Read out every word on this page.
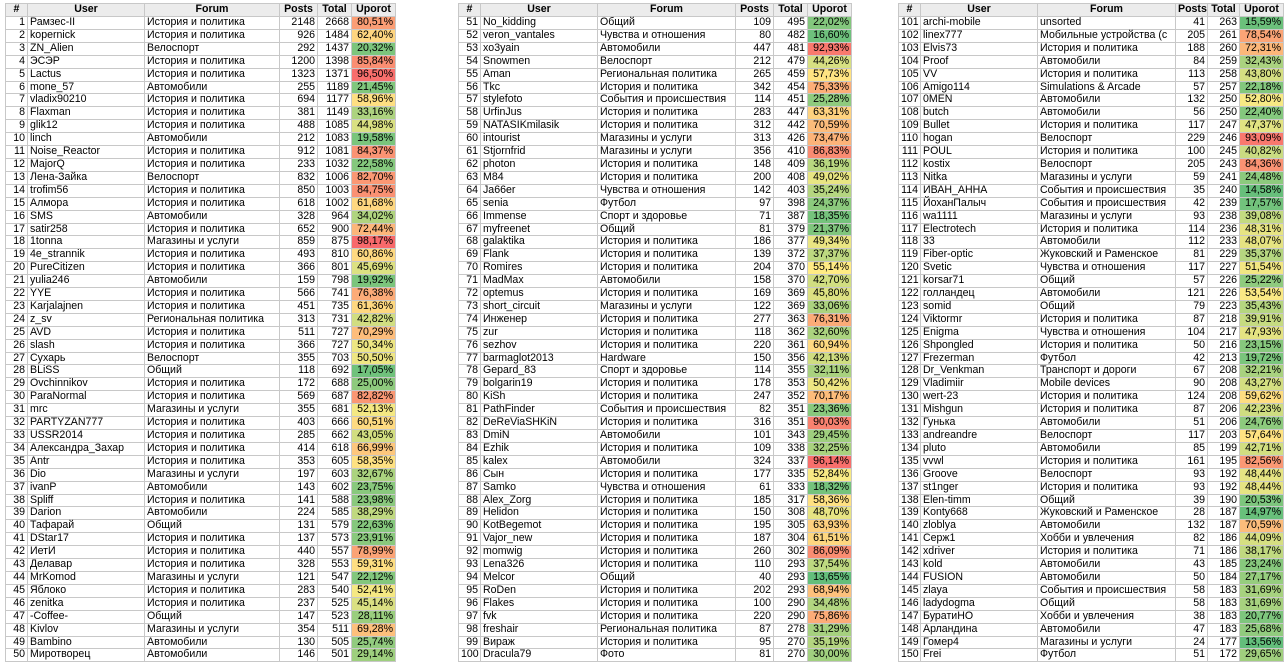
#	User	Forum	Posts	Total	Uporot
1	Рамзес-II	История и политика	2148	2668	80,51%
2	kopernick	История и политика	926	1484	62,40%
3	ZN_Alien	Велоспорт	292	1437	20,32%
4	ЭСЭР	История и политика	1200	1398	85,84%
5	Lactus	История и политика	1323	1371	96,50%
6	mone_57	Автомобили	255	1189	21,45%
7	vladix90210	История и политика	694	1177	58,96%
8	Flaxman	История и политика	381	1149	33,16%
9	glik12	История и политика	488	1085	44,98%
10	linch	Автомобили	212	1083	19,58%
11	Noise_Reactor	История и политика	912	1081	84,37%
12	MajorQ	История и политика	233	1032	22,58%
13	Лена-Зайка	Велоспорт	832	1006	82,70%
14	trofim56	История и политика	850	1003	84,75%
15	Алмора	История и политика	618	1002	61,68%
16	SMS	Автомобили	328	964	34,02%
17	satir258	История и политика	652	900	72,44%
18	1tonna	Магазины и услуги	859	875	98,17%
19	4e_strannik	История и политика	493	810	60,86%
20	PureCitizen	История и политика	366	801	45,69%
21	yulia246	Автомобили	159	798	19,92%
22	YYE	История и политика	566	741	76,38%
23	Karjalajnen	История и политика	451	735	61,36%
24	z_sv	Региональная политика	313	731	42,82%
25	AVD	История и политика	511	727	70,29%
26	slash	История и политика	366	727	50,34%
27	Сухарь	Велоспорт	355	703	50,50%
28	BLiSS	Общий	118	692	17,05%
29	Ovchinnikov	История и политика	172	688	25,00%
30	ParaNormal	История и политика	569	687	82,82%
31	mrc	Магазины и услуги	355	681	52,13%
32	PARTYZAN777	История и политика	403	666	60,51%
33	USSR2014	История и политика	285	662	43,05%
34	Александра_Захар	История и политика	414	618	66,99%
35	Antr	История и политика	353	605	58,35%
36	Dio	Магазины и услуги	197	603	32,67%
37	ivanP	Автомобили	143	602	23,75%
38	Spliff	История и политика	141	588	23,98%
39	Darion	Автомобили	224	585	38,29%
40	Тафарай	Общий	131	579	22,63%
41	DStar17	История и политика	137	573	23,91%
42	ИетИ	История и политика	440	557	78,99%
43	Делавар	История и политика	328	553	59,31%
44	MrKomod	Магазины и услуги	121	547	22,12%
45	Яблоко	История и политика	283	540	52,41%
46	zenitka	История и политика	237	525	45,14%
47	-Coffee-	Общий	147	523	28,11%
48	Kivlov	Магазины и услуги	354	511	69,28%
49	Bambino	Автомобили	130	505	25,74%
50	Миротворец	Автомобили	146	501	29,14%
#	User	Forum	Posts	Total	Uporot
51	No_kidding	Общий	109	495	22,02%
52	veron_vantales	Чувства и отношения	80	482	16,60%
53	xo3yain	Автомобили	447	481	92,93%
54	Snowmen	Велоспорт	212	479	44,26%
55	Aman	Региональная политика	265	459	57,73%
56	Tkc	История и политика	342	454	75,33%
57	stylefoto	События и происшествия	114	451	25,28%
58	UrfinJus	История и политика	283	447	63,31%
59	NATASIKmilasik	История и политика	312	442	70,59%
60	intourist	Магазины и услуги	313	426	73,47%
61	Stjornfrid	Магазины и услуги	356	410	86,83%
62	photon	История и политика	148	409	36,19%
63	M84	История и политика	200	408	49,02%
64	Ja66er	Чувства и отношения	142	403	35,24%
65	senia	Футбол	97	398	24,37%
66	Immense	Спорт и здоровье	71	387	18,35%
67	myfreenet	Общий	81	379	21,37%
68	galaktika	История и политика	186	377	49,34%
69	Flank	История и политика	139	372	37,37%
70	Romires	История и политика	204	370	55,14%
71	MadMax	Автомобили	158	370	42,70%
72	optemus	История и политика	169	369	45,80%
73	short_circuit	Магазины и услуги	122	369	33,06%
74	Инженер	История и политика	277	363	76,31%
75	zur	История и политика	118	362	32,60%
76	sezhov	История и политика	220	361	60,94%
77	barmaglot2013	Hardware	150	356	42,13%
78	Gepard_83	Спорт и здоровье	114	355	32,11%
79	bolgarin19	История и политика	178	353	50,42%
80	KiSh	История и политика	247	352	70,17%
81	PathFinder	События и происшествия	82	351	23,36%
82	DeReViaSHKiN	История и политика	316	351	90,03%
83	DmiN	Автомобили	101	343	29,45%
84	Ezhik	История и политика	109	338	32,25%
85	kalex	Автомобили	324	337	96,14%
86	Сын	История и политика	177	335	52,84%
87	Samko	Чувства и отношения	61	333	18,32%
88	Alex_Zorg	История и политика	185	317	58,36%
89	Helidon	История и политика	150	308	48,70%
90	KotBegemot	История и политика	195	305	63,93%
91	Vajor_new	История и политика	187	304	61,51%
92	momwig	История и политика	260	302	86,09%
93	Lena326	История и политика	110	293	37,54%
94	Melcor	Общий	40	293	13,65%
95	RoDen	История и политика	202	293	68,94%
96	Flakes	История и политика	100	290	34,48%
97	fvk	История и политика	220	290	75,86%
98	freshair	Региональная политика	87	278	31,29%
99	Вираж	История и политика	95	270	35,19%
100	Dracula79	Фото	81	270	30,00%
#	User	Forum	Posts	Total	Uporot
101	archi-mobile	unsorted	41	263	15,59%
102	linex777	Мобильные устройства (с	205	261	78,54%
103	Elvis73	История и политика	188	260	72,31%
104	Proof	Автомобили	84	259	32,43%
105	VV	История и политика	113	258	43,80%
106	Amigo114	Simulations & Arcade	57	257	22,18%
107	0MEN	Автомобили	132	250	52,80%
108	butch	Автомобили	56	250	22,40%
109	Bullet	История и политика	117	247	47,37%
110	hogan	Велоспорт	229	246	93,09%
111	POUL	История и политика	100	245	40,82%
112	kostix	Велоспорт	205	243	84,36%
113	Nitka	Магазины и услуги	59	241	24,48%
114	ИВАН_АННА	События и происшествия	35	240	14,58%
115	ЙоханПалыч	События и происшествия	42	239	17,57%
116	wa1111	Магазины и услуги	93	238	39,08%
117	Electrotech	История и политика	114	236	48,31%
118	33	Автомобили	112	233	48,07%
119	Fiber-optic	Жуковский и Раменское	81	229	35,37%
120	Svetic	Чувства и отношения	117	227	51,54%
121	korsar71	Общий	57	226	25,22%
122	голландец	Автомобили	121	226	53,54%
123	somid	Общий	79	223	35,43%
124	Viktormr	История и политика	87	218	39,91%
125	Enigma	Чувства и отношения	104	217	47,93%
126	Shpongled	История и политика	50	216	23,15%
127	Frezerman	Футбол	42	213	19,72%
128	Dr_Venkman	Транспорт и дороги	67	208	32,21%
129	Vladimiir	Mobile devices	90	208	43,27%
130	wert-23	История и политика	124	208	59,62%
131	Mishgun	История и политика	87	206	42,23%
132	Гунька	Автомобили	51	206	24,76%
133	andreandre	Велоспорт	117	203	57,64%
134	pluto	Автомобили	85	199	42,71%
135	vvwl	История и политика	161	195	82,56%
136	Groove	Велоспорт	93	192	48,44%
137	st1nger	История и политика	93	192	48,44%
138	Elen-timm	Общий	39	190	20,53%
139	Konty668	Жуковский и Раменское	28	187	14,97%
140	zloblya	Автомобили	132	187	70,59%
141	Серж1	Хобби и увлечения	82	186	44,09%
142	xdriver	История и политика	71	186	38,17%
143	kold	Автомобили	43	185	23,24%
144	FUSION	Автомобили	50	184	27,17%
145	zlaya	События и происшествия	58	183	31,69%
146	ladydogma	Общий	58	183	31,69%
147	БуратиНО	Хобби и увлечения	38	183	20,77%
148	Арландина	Автомобили	47	183	25,68%
149	Гомер4	Магазины и услуги	24	177	13,56%
150	Frei	Футбол	51	172	29,65%
